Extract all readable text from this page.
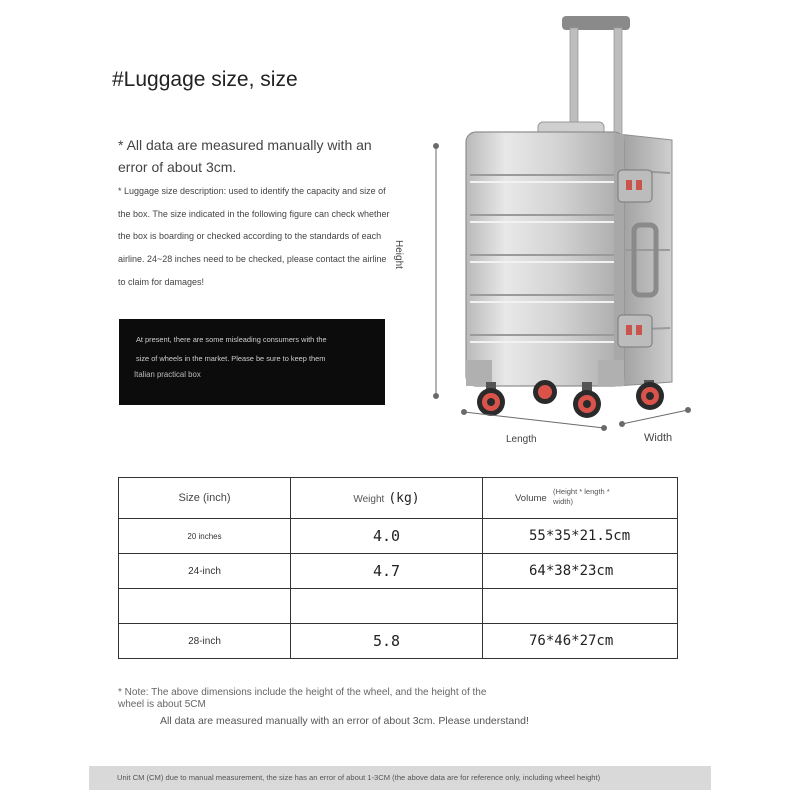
#Luggage size, size
* All data are measured manually with an error of about 3cm.
* Luggage size description: used to identify the capacity and size of the box. The size indicated in the following figure can check whether the box is boarding or checked according to the standards of each airline. 24~28 inches need to be checked, please contact the airline to claim for damages!
At present, there are some misleading consumers with the
size of wheels in the market. Please be sure to keep them
Italian practical box
Height
Length	Width
Size (inch)	Weight (kg)	Volume
(Height * length * width)

20 inches	4.0	55*35*21.5cm
24-inch	4.7	64*38*23cm

28-inch	5.8	76*46*27cm
* Note: The above dimensions include the height of the wheel, and the height of the wheel is about 5CM
All data are measured manually with an error of about 3cm. Please understand!
Unit CM (CM) due to manual measurement, the size has an error of about 1-3CM (the above data are for reference only, including wheel height)
